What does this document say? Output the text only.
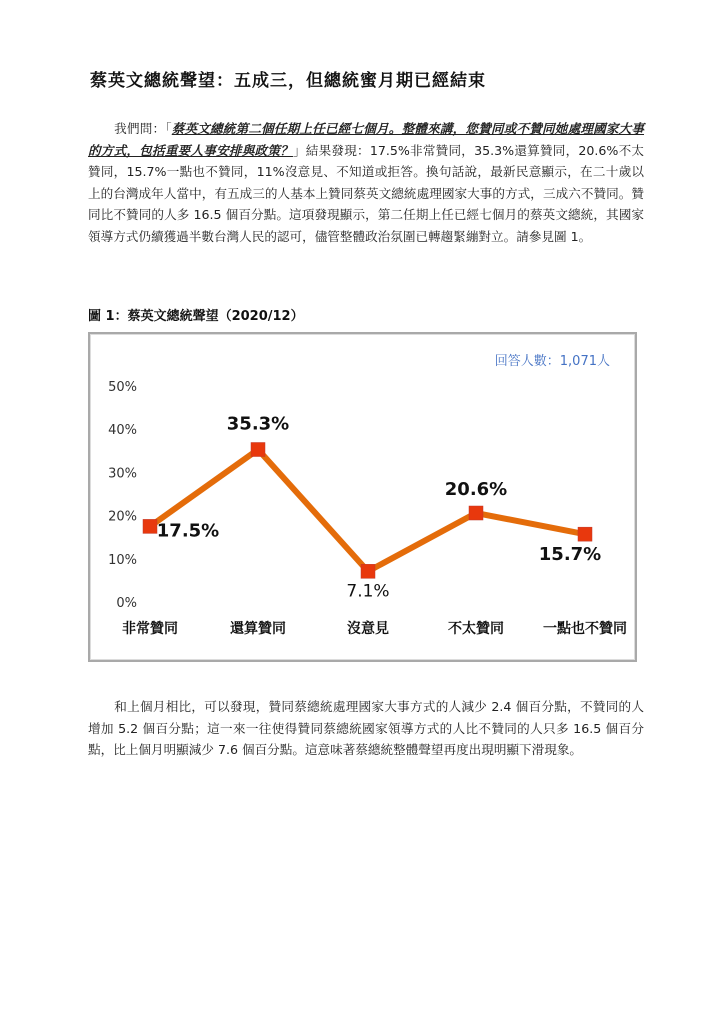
蔡英文總統聲望：五成三，但總統蜜月期已經結束

我們問：「蔡英文總統第二個任期上任已經七個月。整體來講，您贊同或不贊同她處理國家大事的方式，包括重要人事安排與政策？」結果發現：17.5%非常贊同，35.3%還算贊同，20.6%不太贊同，15.7%一點也不贊同，11%沒意見、不知道或拒答。換句話說，最新民意顯示，在二十歲以上的台灣成年人當中，有五成三的人基本上贊同蔡英文總統處理國家大事的方式，三成六不贊同。贊同比不贊同的人多 16.5 個百分點。這項發現顯示，第二任期上任已經七個月的蔡英文總統，其國家領導方式仍續獲過半數台灣人民的認可，儘管整體政治氛圍已轉趨緊繃對立。請參見圖 1。

圖 1：蔡英文總統聲望（2020/12）
回答人數：1,071人
0%
10%
20%
30%
40%
50%
非常贊同	還算贊同	沒意見	不太贊同	一點也不贊同
17.5%
35.3%
7.1%
20.6%
15.7%

和上個月相比，可以發現，贊同蔡總統處理國家大事方式的人減少 2.4 個百分點，不贊同的人增加 5.2 個百分點；這一來一往使得贊同蔡總統國家領導方式的人比不贊同的人只多 16.5 個百分點，比上個月明顯減少 7.6 個百分點。這意味著蔡總統整體聲望再度出現明顯下滑現象。
